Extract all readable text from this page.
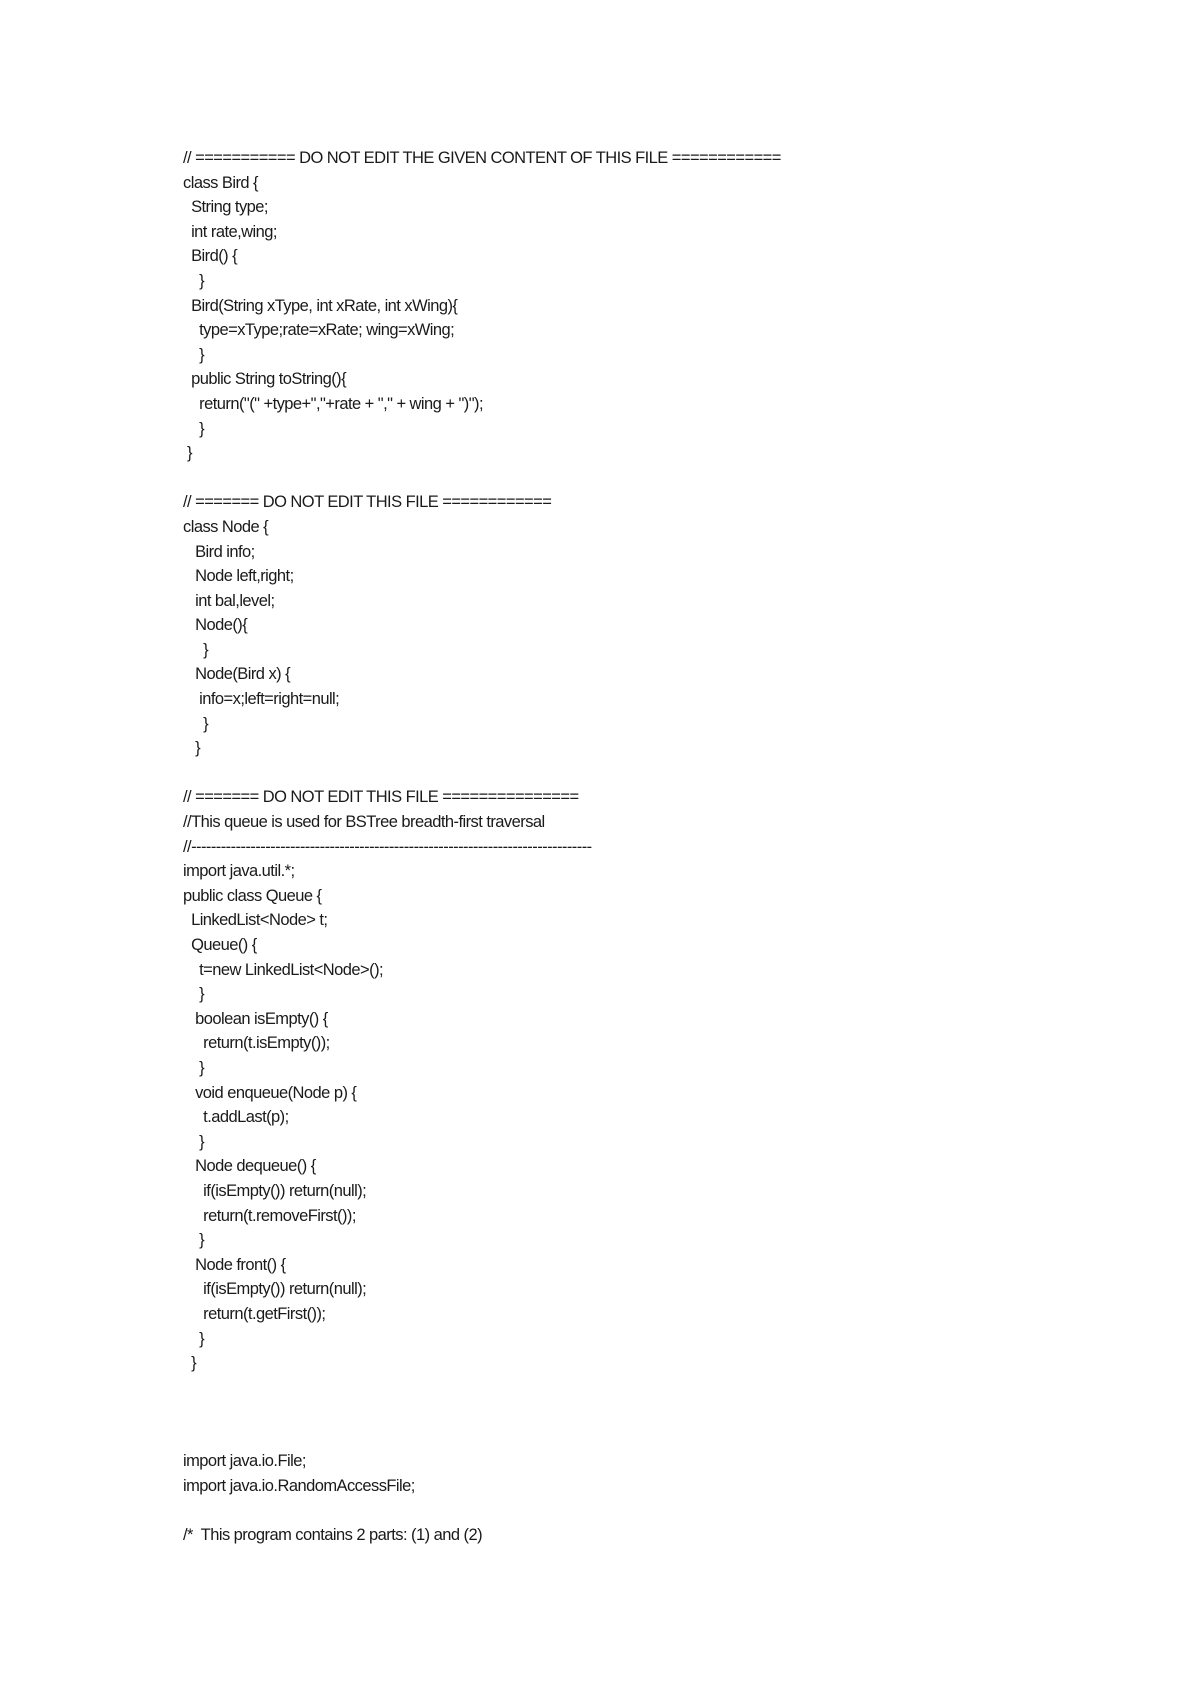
// =========== DO NOT EDIT THE GIVEN CONTENT OF THIS FILE ============
class Bird {
String type;
int rate,wing;
Bird() {
}
Bird(String xType, int xRate, int xWing){
type=xType;rate=xRate; wing=xWing;
}
public String toString(){
return("(" +type+","+rate + "," + wing + ")");
}
}
// ======= DO NOT EDIT THIS FILE ============
class Node {
Bird info;
Node left,right;
int bal,level;
Node(){
}
Node(Bird x) {
info=x;left=right=null;
}
}
// ======= DO NOT EDIT THIS FILE ===============
//This queue is used for BSTree breadth-first traversal
//---------------------------------------------------------------------------------
import java.util.*;
public class Queue {
LinkedList<Node> t;
Queue() {
t=new LinkedList<Node>();
}
boolean isEmpty() {
return(t.isEmpty());
}
void enqueue(Node p) {
t.addLast(p);
}
Node dequeue() {
if(isEmpty()) return(null);
return(t.removeFirst());
}
Node front() {
if(isEmpty()) return(null);
return(t.getFirst());
}
}
import java.io.File;
import java.io.RandomAccessFile;
/*  This program contains 2 parts: (1) and (2)
